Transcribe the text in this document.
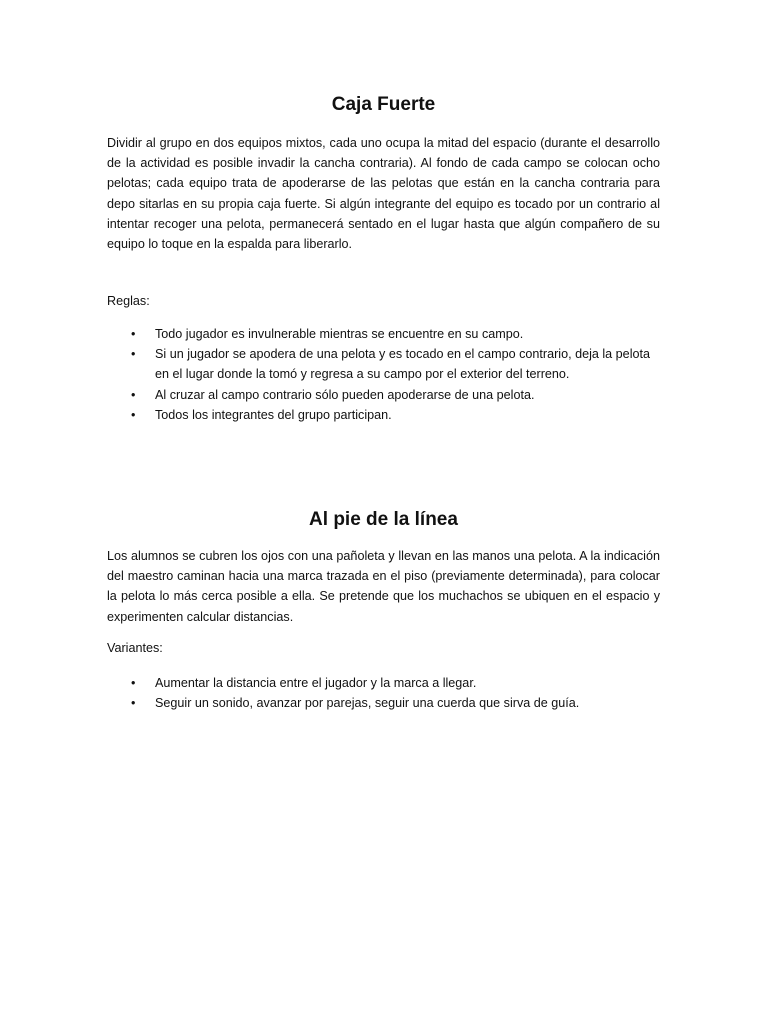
Caja Fuerte

Dividir al grupo en dos equipos mixtos, cada uno ocupa la mitad del espacio (durante el desarrollo de la actividad es posible invadir la cancha contraria). Al fondo de cada campo se colocan ocho pelotas; cada equipo trata de apoderarse de las pelotas que están en la cancha contraria para depo sitarlas en su propia caja fuerte. Si algún integrante del equipo es tocado por un contrario al intentar recoger una pelota, permanecerá sentado en el lugar hasta que algún compañero de su equipo lo toque en la espalda para liberarlo.

Reglas:

• Todo jugador es invulnerable mientras se encuentre en su campo.
• Si un jugador se apodera de una pelota y es tocado en el campo contrario, deja la pelota en el lugar donde la tomó y regresa a su campo por el exterior del terreno.
• Al cruzar al campo contrario sólo pueden apoderarse de una pelota.
• Todos los integrantes del grupo participan.
Al pie de la línea

Los alumnos se cubren los ojos con una pañoleta y llevan en las manos una pelota. A la indicación del maestro caminan hacia una marca trazada en el piso (previamente determinada), para colocar la pelota lo más cerca posible a ella. Se pretende que los muchachos se ubiquen en el espacio y experimenten calcular distancias.

Variantes:

• Aumentar la distancia entre el jugador y la marca a llegar.
• Seguir un sonido, avanzar por parejas, seguir una cuerda que sirva de guía.
